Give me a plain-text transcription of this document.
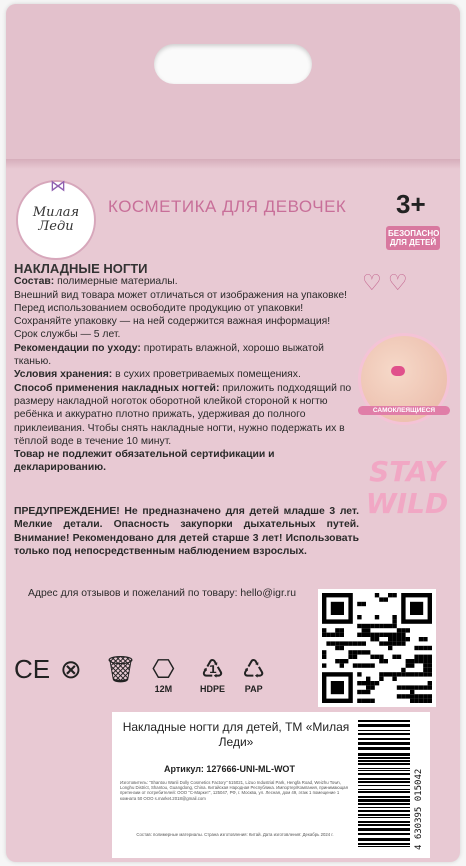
⋈
Милая Леди
КОСМЕТИКА ДЛЯ ДЕВОЧЕК 3+
БЕЗОПАСНО ДЛЯ ДЕТЕЙ

НАКЛАДНЫЕ НОГТИ

Состав: полимерные материалы.

Внешний вид товара может отличаться от изображения на упаковке!

Перед использованием освободите продукцию от упаковки!

Сохраняйте упаковку — на ней содержится важная информация!

Срок службы — 5 лет.

Рекомендации по уходу: протирать влажной, хорошо выжатой тканью.

Условия хранения: в сухих проветриваемых помещениях.

Способ применения накладных ногтей: приложить подходящий по размеру накладной ноготок оборотной клейкой стороной к ногтю ребёнка и аккуратно плотно прижать, удерживая до полного приклеивания. Чтобы снять накладные ногти, нужно подержать их в тёплой воде в течение 10 минут.

Товар не подлежит обязательной сертификации и декларированию.

ПРЕДУПРЕЖДЕНИЕ! Не предназначено для детей младше 3 лет. Мелкие детали. Опасность закупорки дыхательных путей. Внимание! Рекомендовано для детей старше 3 лет! Использовать только под непосредственным наблюдением взрослых.
Адрес для отзывов и пожеланий по товару: hello@igr.ru
♡ ♡
САМОКЛЕЯЩИЕСЯ
STAY
WILD
CE ⊗ 🗑 ⎔
12M
♳
HDPE
♺
PAP
Накладные ногти для детей, ТМ «Милая Леди»
Артикул: 127666-UNI-ML-WOT
Изготовитель: "Shantou Wanli Dolly Cosmetics Factory" 515021, Lizuo Industrial Park, Hengfa Road, Weizhu Town, Longhu District, Shantou, Guangdong, China. Китайская Народная Республика. Импортер/Компания, принимающая претензии от потребителей: ООО "С-Маркет", 125047, РФ, г. Москва, ул. Лесная, дом 49, этаж 1 помещение 1 комната 50 ООО s.market.2018@gmail.com
Состав: полимерные материалы. Страна изготовления: Китай. Дата изготовления: Декабрь 2024 г.	4 630395 015042
